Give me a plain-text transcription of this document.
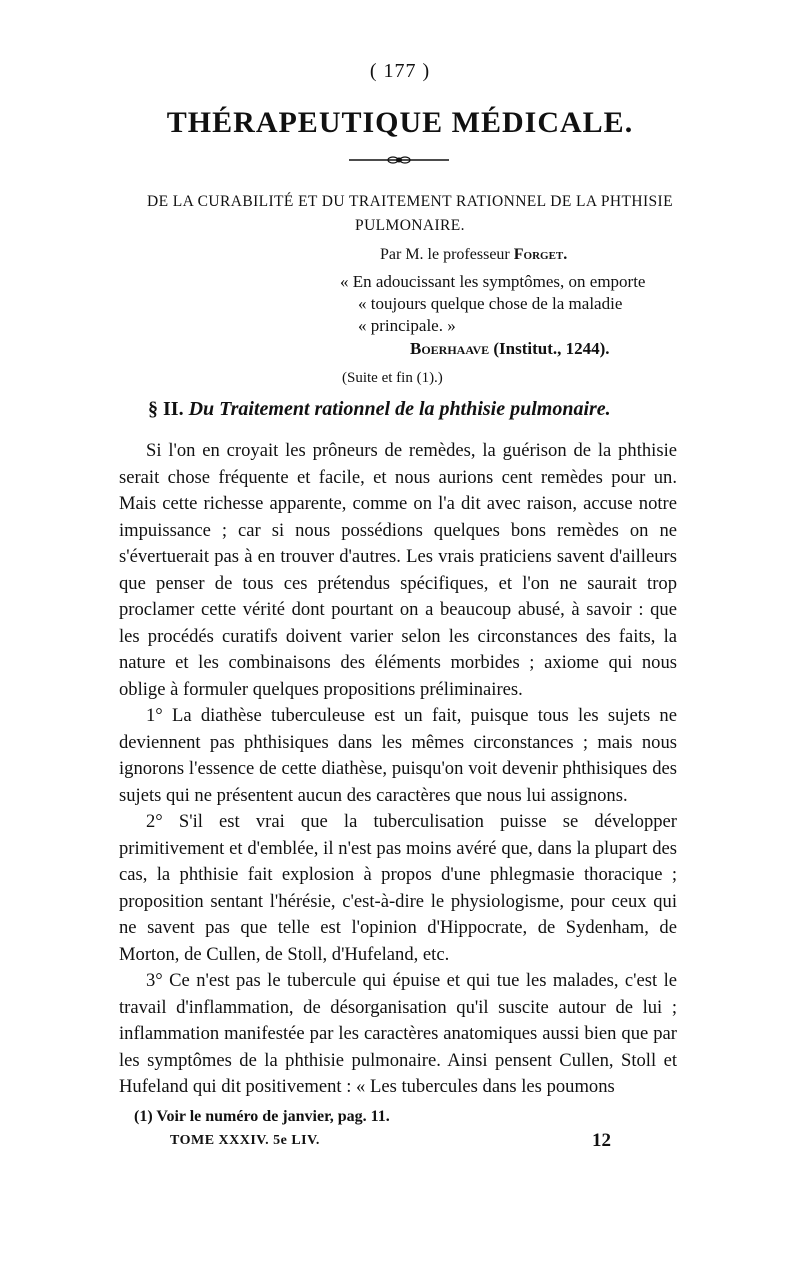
( 177 )
THÉRAPEUTIQUE MÉDICALE.
DE LA CURABILITÉ ET DU TRAITEMENT RATIONNEL DE LA PHTHISIE PULMONAIRE.
Par M. le professeur Forget.
« En adoucissant les symptômes, on emporte
« toujours quelque chose de la maladie
« principale. »
Boerhaave (Institut., 1244).
(Suite et fin (1).)
§ II. Du Traitement rationnel de la phthisie pulmonaire.

Si l'on en croyait les prôneurs de remèdes, la guérison de la phthisie serait chose fréquente et facile, et nous aurions cent remèdes pour un. Mais cette richesse apparente, comme on l'a dit avec raison, accuse notre impuissance ; car si nous possédions quelques bons remèdes on ne s'évertuerait pas à en trouver d'autres. Les vrais praticiens savent d'ailleurs que penser de tous ces prétendus spécifiques, et l'on ne saurait trop proclamer cette vérité dont pourtant on a beaucoup abusé, à savoir : que les procédés curatifs doivent varier selon les circonstances des faits, la nature et les combinaisons des éléments morbides ; axiome qui nous oblige à formuler quelques propositions préliminaires.

1° La diathèse tuberculeuse est un fait, puisque tous les sujets ne deviennent pas phthisiques dans les mêmes circonstances ; mais nous ignorons l'essence de cette diathèse, puisqu'on voit devenir phthisiques des sujets qui ne présentent aucun des caractères que nous lui assignons.

2° S'il est vrai que la tuberculisation puisse se développer primitivement et d'emblée, il n'est pas moins avéré que, dans la plupart des cas, la phthisie fait explosion à propos d'une phlegmasie thoracique ; proposition sentant l'hérésie, c'est-à-dire le physiologisme, pour ceux qui ne savent pas que telle est l'opinion d'Hippocrate, de Sydenham, de Morton, de Cullen, de Stoll, d'Hufeland, etc.

3° Ce n'est pas le tubercule qui épuise et qui tue les malades, c'est le travail d'inflammation, de désorganisation qu'il suscite autour de lui ; inflammation manifestée par les caractères anatomiques aussi bien que par les symptômes de la phthisie pulmonaire. Ainsi pensent Cullen, Stoll et Hufeland qui dit positivement : « Les tubercules dans les poumons

(1) Voir le numéro de janvier, pag. 11.
TOME XXXIV. 5e LIV.	12
